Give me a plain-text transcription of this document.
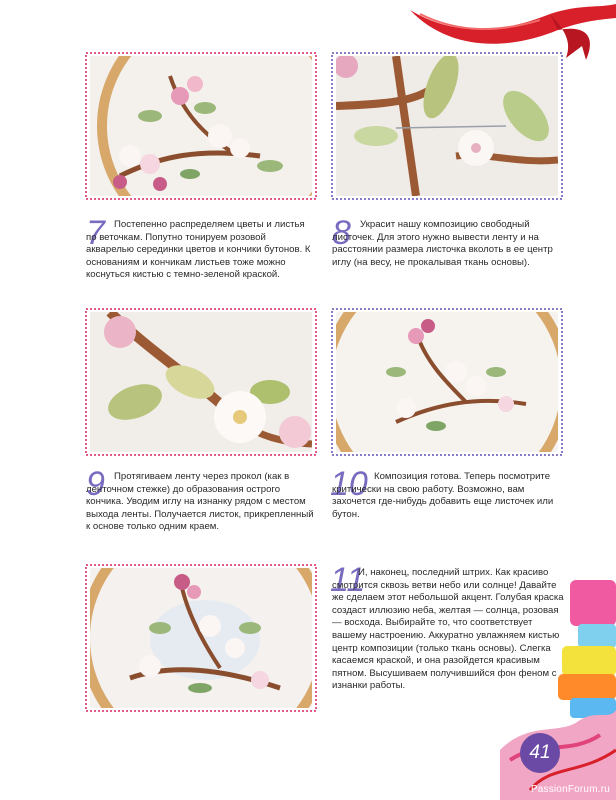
7 Постепенно распределяем цветы и листья по веточкам. Попутно тонируем розовой акварелью серединки цветов и кончики бутонов. К основаниям и кончикам листьев тоже можно коснуться кистью с темно-зеленой краской.
8 Украсит нашу композицию свободный листочек. Для этого нужно вывести ленту и на расстоянии размера листочка вколоть в ее центр иглу (на весу, не прокалывая ткань основы).
9 Протягиваем ленту через прокол (как в ленточном стежке) до образования острого кончика. Уводим иглу на изнанку рядом с местом выхода ленты. Получается листок, прикрепленный к основе только одним краем.
10 Композиция готова. Теперь посмотрите критически на свою работу. Возможно, вам захочется где-нибудь добавить еще листочек или бутон.
11
И, наконец, последний штрих. Как красиво смотрится сквозь ветви небо или солнце! Давайте же сделаем этот небольшой акцент. Голубая краска создаст иллюзию неба, желтая — солнца, розовая — восхода. Выбирайте то, что соответствует вашему настроению. Аккуратно увлажняем кистью центр композиции (только ткань основы). Слегка касаемся краской, и она разойдется красивым пятном. Высушиваем получившийся фон феном с изнанки работы.
41
PassionForum.ru
